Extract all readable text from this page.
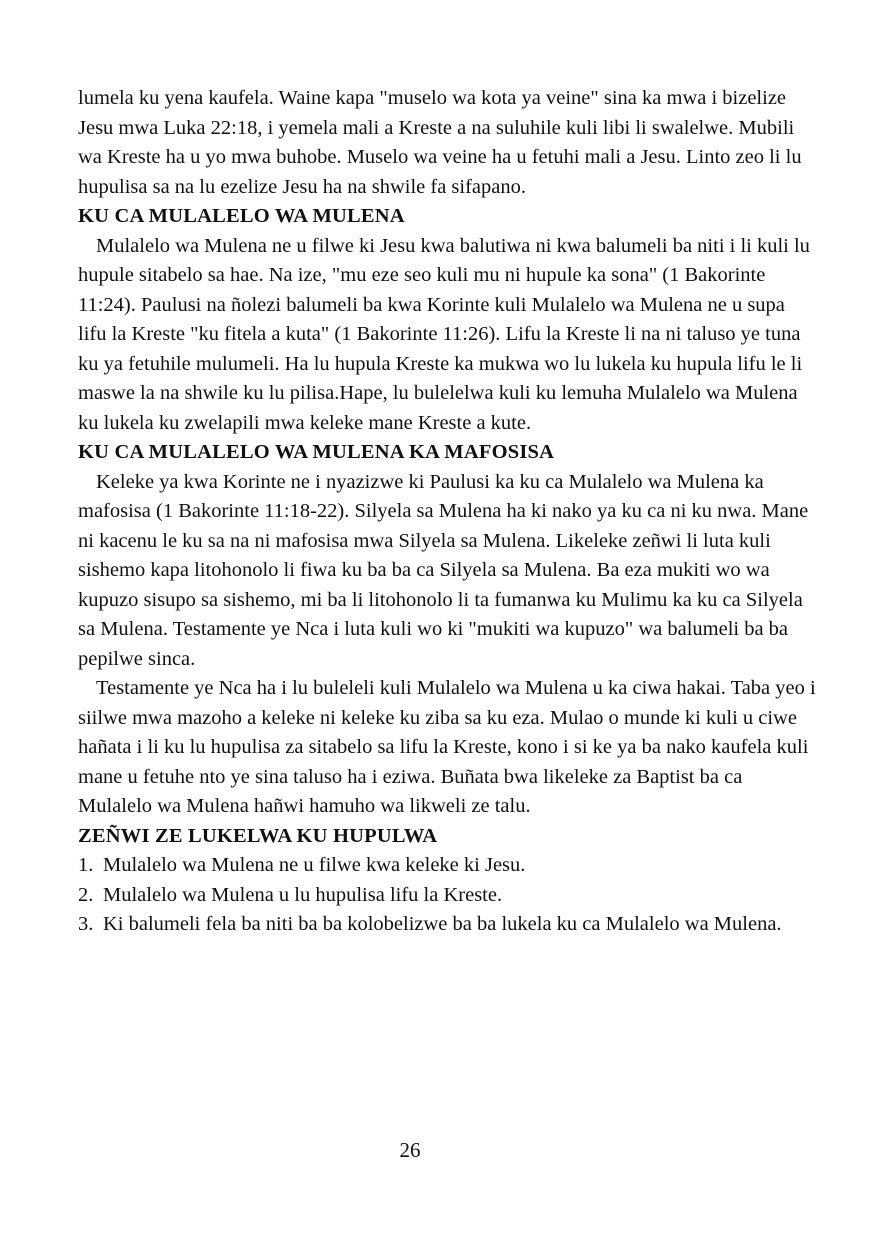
lumela ku yena kaufela. Waine kapa "muselo wa kota ya veine" sina ka mwa i bizelize Jesu mwa Luka 22:18, i yemela mali a Kreste a na suluhile kuli libi li swalelwe. Mubili wa Kreste ha u yo mwa buhobe. Muselo wa veine ha u fetuhi mali a Jesu. Linto zeo li lu hupulisa sa na lu ezelize Jesu ha na shwile fa sifapano.

KU CA MULALELO WA MULENA

Mulalelo wa Mulena ne u filwe ki Jesu kwa balutiwa ni kwa balumeli ba niti i li kuli lu hupule sitabelo sa hae. Na ize, "mu eze seo kuli mu ni hupule ka sona" (1 Bakorinte 11:24). Paulusi na ñolezi balumeli ba kwa Korinte kuli Mulalelo wa Mulena ne u supa lifu la Kreste "ku fitela a kuta" (1 Bakorinte 11:26). Lifu la Kreste li na ni taluso ye tuna ku ya fetuhile mulumeli. Ha lu hupula Kreste ka mukwa wo lu lukela ku hupula lifu le li maswe la na shwile ku lu pilisa.Hape, lu bulelelwa kuli ku lemuha Mulalelo wa Mulena ku lukela ku zwelapili mwa keleke mane Kreste a kute.

KU CA MULALELO WA MULENA KA MAFOSISA

Keleke ya kwa Korinte ne i nyazizwe ki Paulusi ka ku ca Mulalelo wa Mulena ka mafosisa (1 Bakorinte 11:18-22). Silyela sa Mulena ha ki nako ya ku ca ni ku nwa. Mane ni kacenu le ku sa na ni mafosisa mwa Silyela sa Mulena. Likeleke zeñwi li luta kuli sishemo kapa litohonolo li fiwa ku ba ba ca Silyela sa Mulena. Ba eza mukiti wo wa kupuzo sisupo sa sishemo, mi ba li litohonolo li ta fumanwa ku Mulimu ka ku ca Silyela sa Mulena. Testamente ye Nca i luta kuli wo ki "mukiti wa kupuzo" wa balumeli ba ba pepilwe sinca.

Testamente ye Nca ha i lu buleleli kuli Mulalelo wa Mulena u ka ciwa hakai. Taba yeo i siilwe mwa mazoho a keleke ni keleke ku ziba sa ku eza. Mulao o munde ki kuli u ciwe hañata i li ku lu hupulisa za sitabelo sa lifu la Kreste, kono i si ke ya ba nako kaufela kuli mane u fetuhe nto ye sina taluso ha i eziwa. Buñata bwa likeleke za Baptist ba ca Mulalelo wa Mulena hañwi hamuho wa likweli ze talu.

ZEÑWI ZE LUKELWA KU HUPULWA
1. Mulalelo wa Mulena ne u filwe kwa keleke ki Jesu.
2. Mulalelo wa Mulena u lu hupulisa lifu la Kreste.
3. Ki balumeli fela ba niti ba ba kolobelizwe ba ba lukela ku ca Mulalelo wa Mulena.
26
